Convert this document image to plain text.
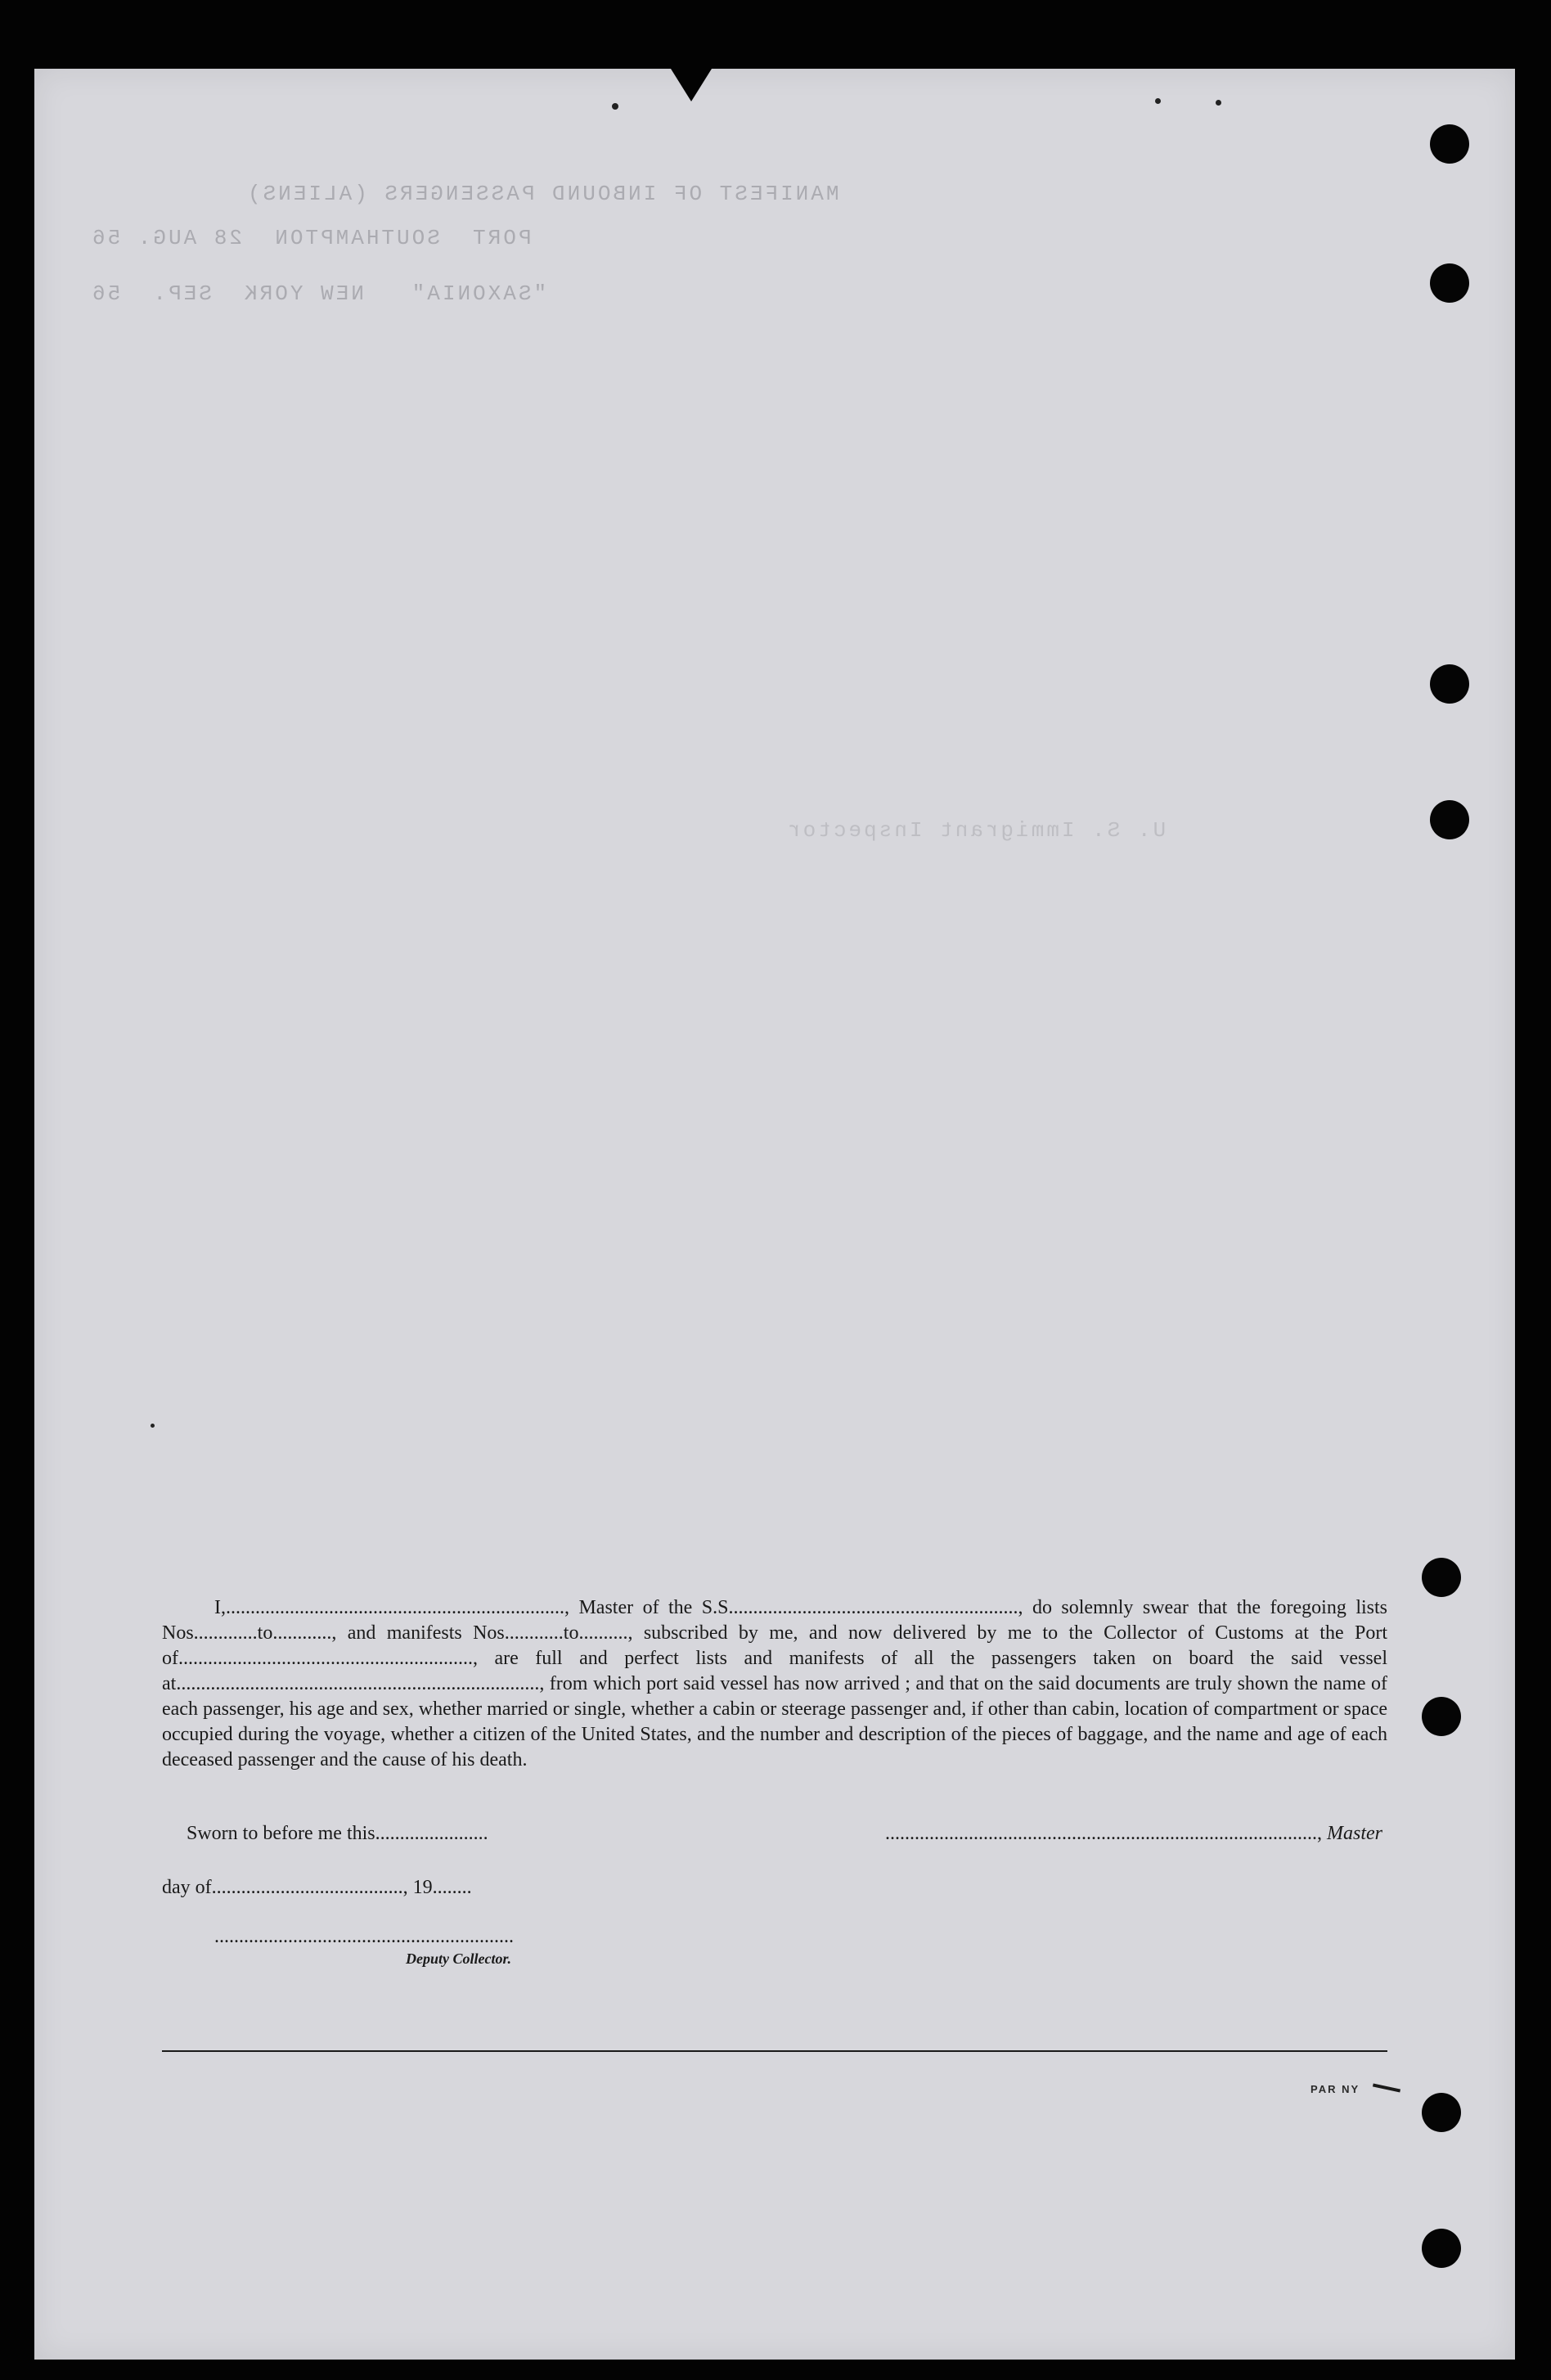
MANIFEST OF INBOUND PASSENGERS (ALIENS)
PORT  SOUTHAMPTON  28 AUG. 56
"SAXONIA"   NEW YORK  SEP.  56
U. S. Immigrant Inspector

I,....................................................................., Master of the S.S..........................................................., do solemnly swear that the foregoing lists Nos.............to............, and manifests Nos............to.........., subscribed by me, and now delivered by me to the Collector of Customs at the Port of............................................................, are full and perfect lists and manifests of all the passengers taken on board the said vessel at.........................................................................., from which port said vessel has now arrived ; and that on the said documents are truly shown the name of each passenger, his age and sex, whether married or single, whether a cabin or steerage passenger and, if other than cabin, location of compartment or space occupied during the voyage, whether a citizen of the United States, and the number and description of the pieces of baggage, and the name and age of each deceased passenger and the cause of his death.

Sworn to before me this.......................	........................................................................................, Master
day of......................................., 19........
.............................................................
Deputy Collector.
PAR NY
